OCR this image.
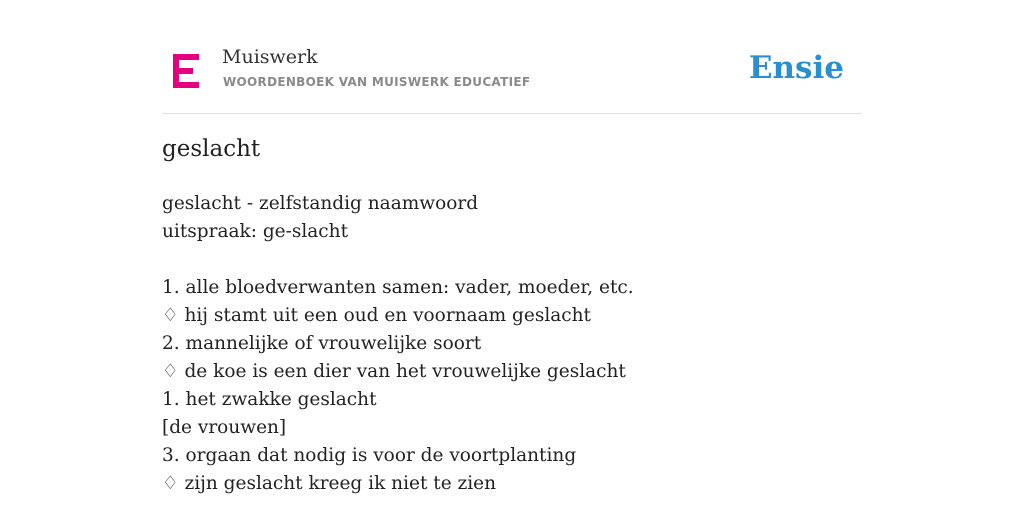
Muiswerk
WOORDENBOEK VAN MUISWERK EDUCATIEF	Ensie
geslacht
geslacht - zelfstandig naamwoord
uitspraak: ge-slacht
1. alle bloedverwanten samen: vader, moeder, etc.
♢ hij stamt uit een oud en voornaam geslacht
2. mannelijke of vrouwelijke soort
♢ de koe is een dier van het vrouwelijke geslacht
1. het zwakke geslacht
[de vrouwen]
3. orgaan dat nodig is voor de voortplanting
♢ zijn geslacht kreeg ik niet te zien
